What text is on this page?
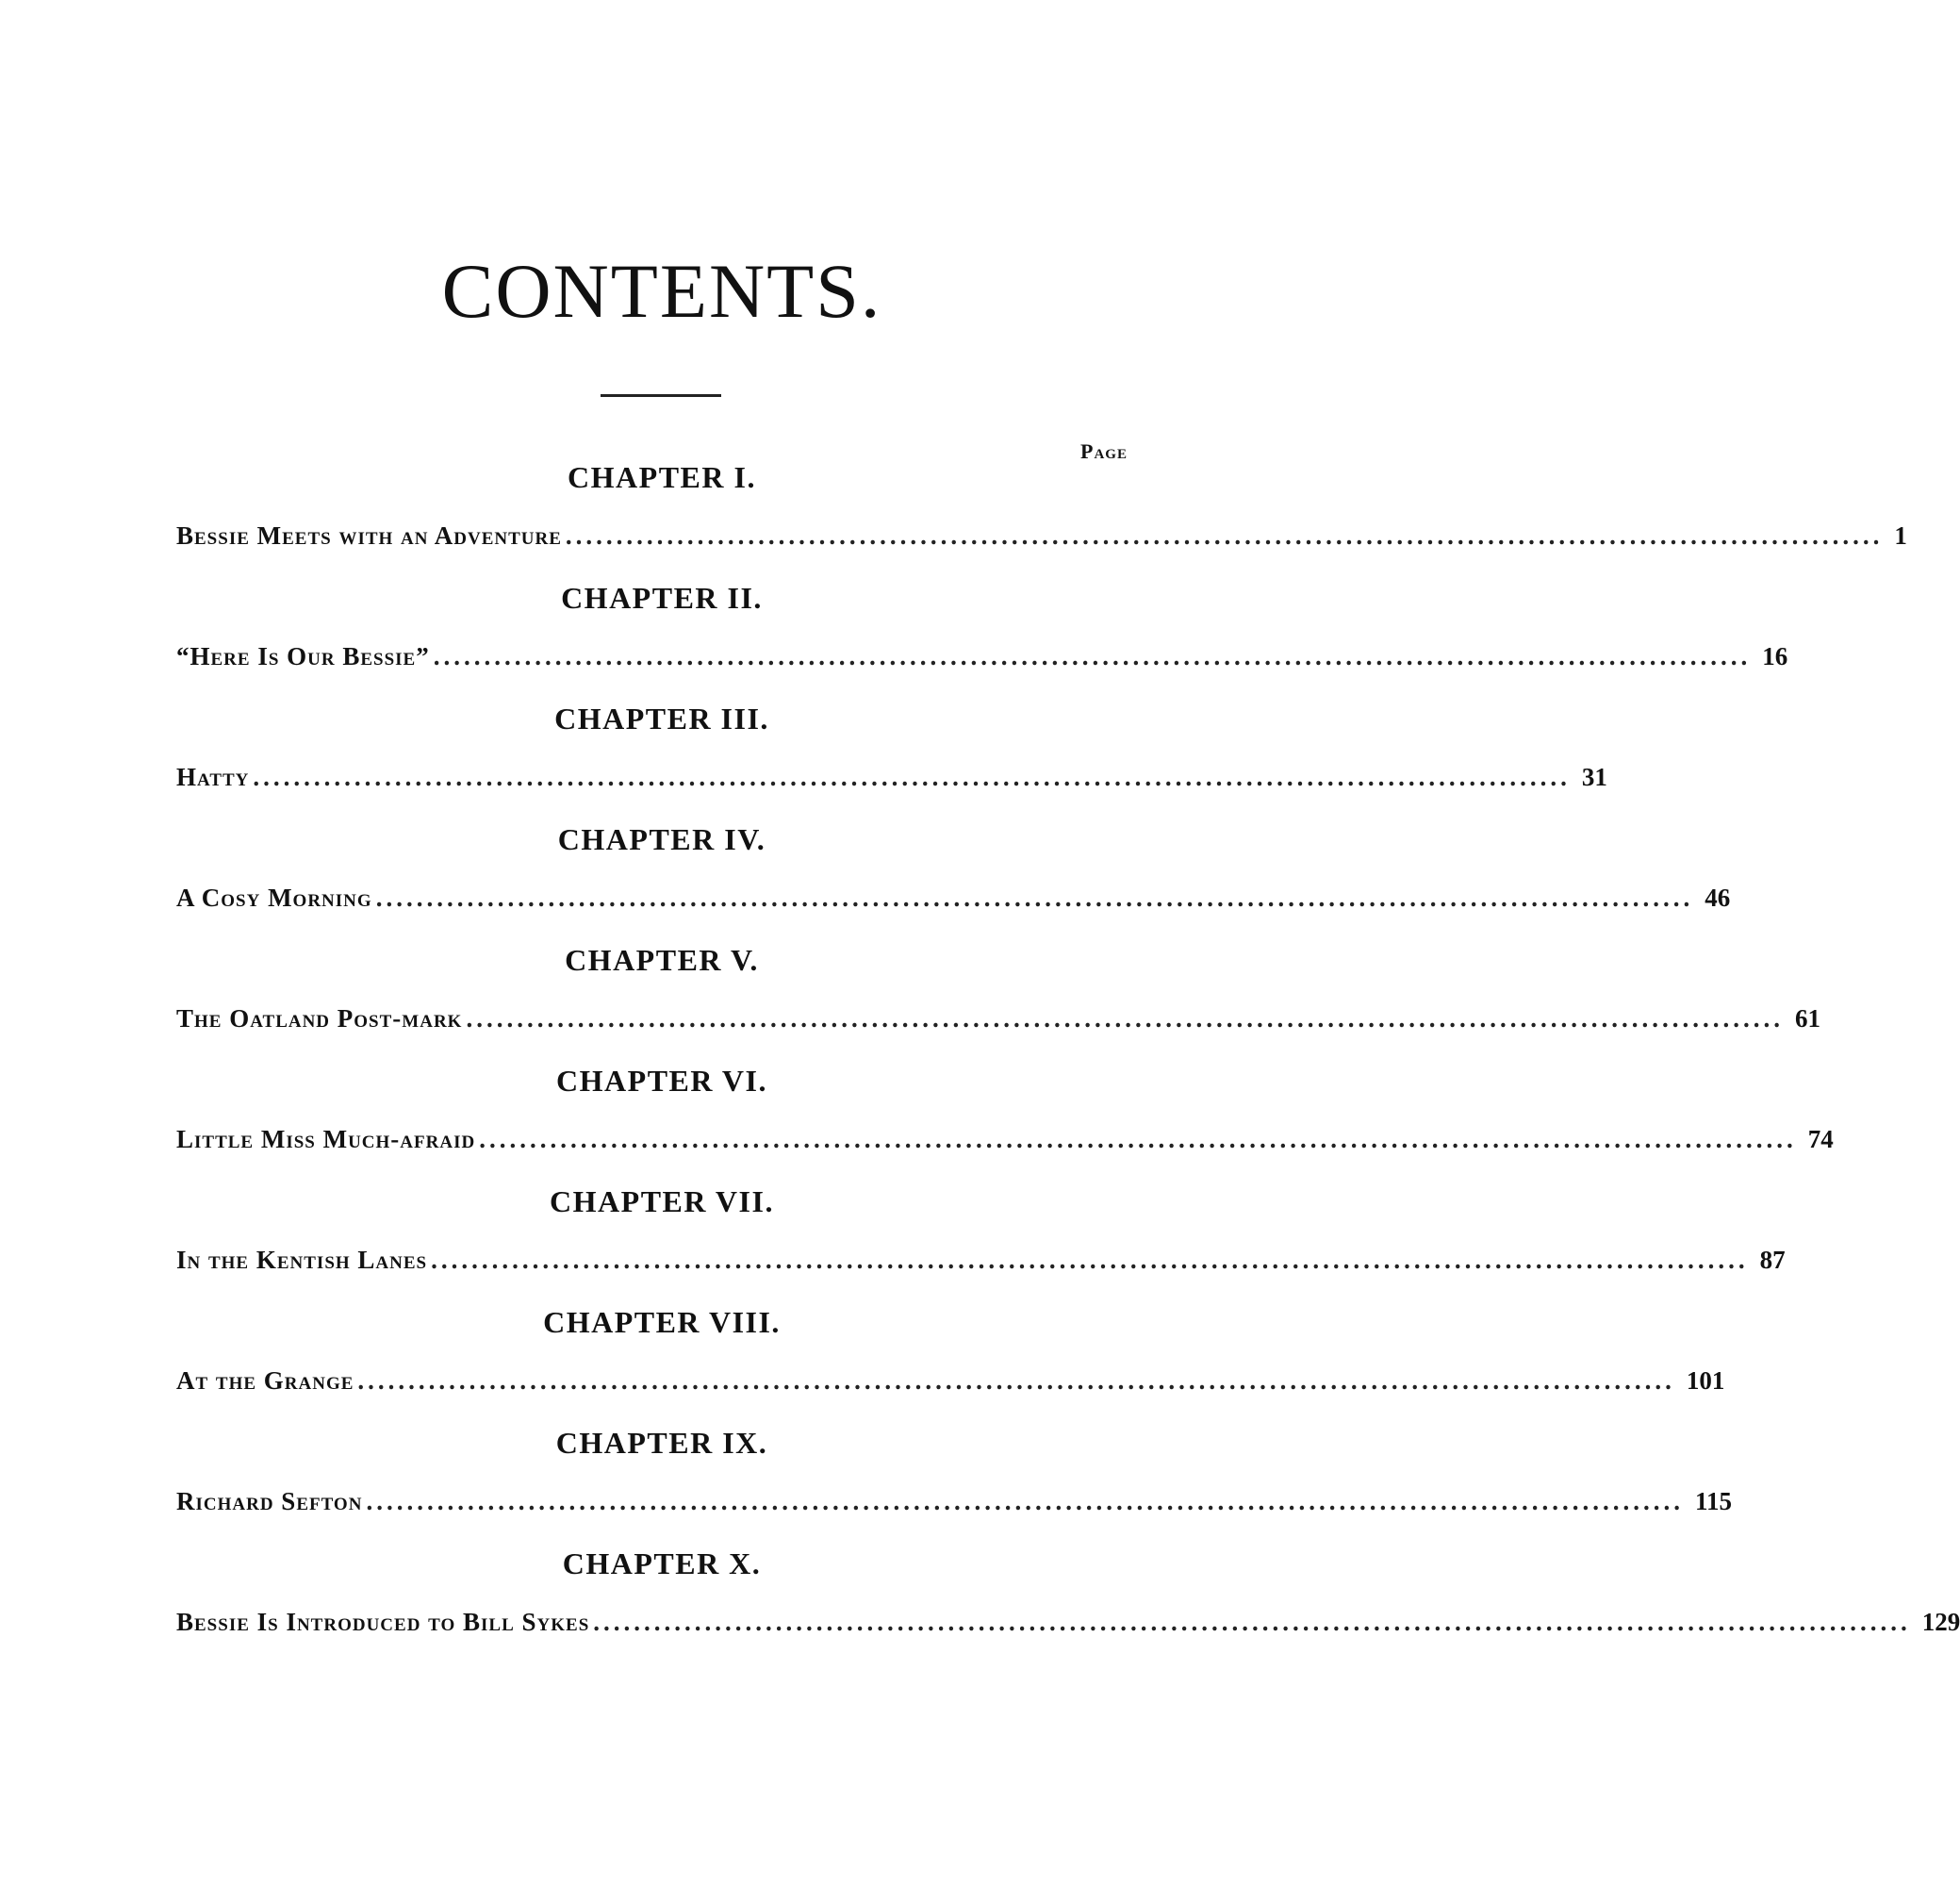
CONTENTS.
Page
CHAPTER I.
Bessie Meets with an Adventure .................................................................................................................................. 1
CHAPTER II.
“Here Is Our Bessie” .................................................................................................................................. 16
CHAPTER III.
Hatty .................................................................................................................................. 31
CHAPTER IV.
A Cosy Morning .................................................................................................................................. 46
CHAPTER V.
The Oatland Post-mark .................................................................................................................................. 61
CHAPTER VI.
Little Miss Much-afraid .................................................................................................................................. 74
CHAPTER VII.
In the Kentish Lanes .................................................................................................................................. 87
CHAPTER VIII.
At the Grange .................................................................................................................................. 101
CHAPTER IX.
Richard Sefton .................................................................................................................................. 115
CHAPTER X.
Bessie Is Introduced to Bill Sykes .................................................................................................................................. 129
